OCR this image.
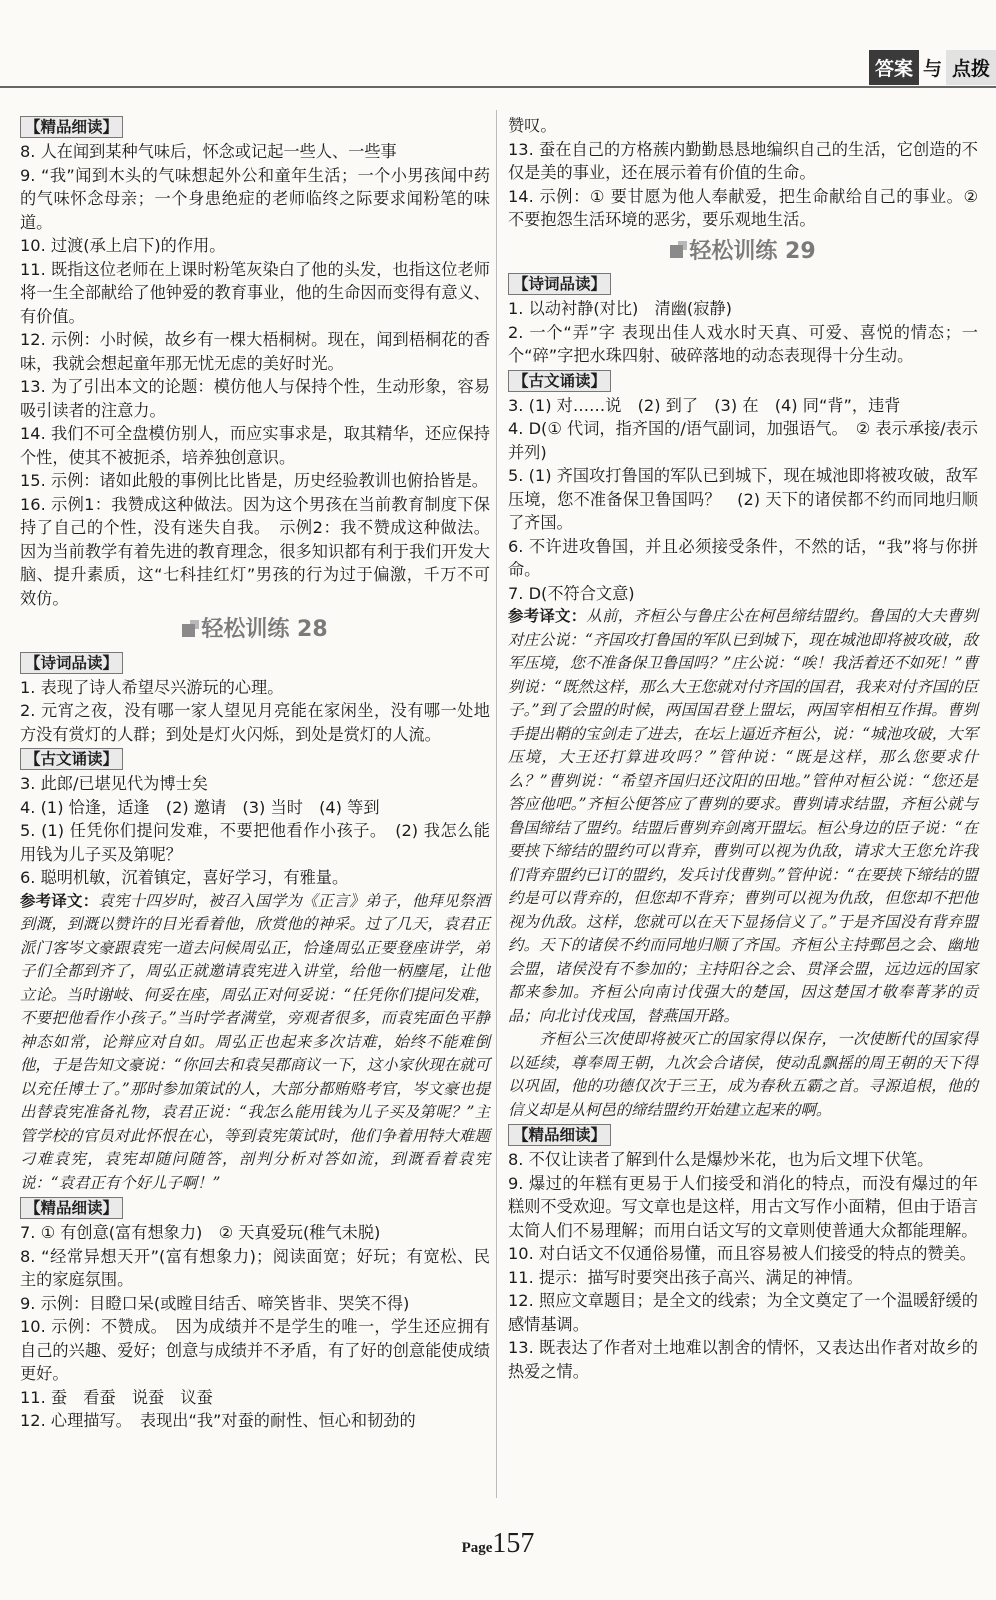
答案 与 点拨

【精品细读】

8. 人在闻到某种气味后，怀念或记起一些人、一些事

9. “我”闻到木头的气味想起外公和童年生活；一个小男孩闻中药的气味怀念母亲；一个身患绝症的老师临终之际要求闻粉笔的味道。

10. 过渡(承上启下)的作用。

11. 既指这位老师在上课时粉笔灰染白了他的头发，也指这位老师将一生全部献给了他钟爱的教育事业，他的生命因而变得有意义、有价值。

12. 示例：小时候，故乡有一棵大梧桐树。现在，闻到梧桐花的香味，我就会想起童年那无忧无虑的美好时光。

13. 为了引出本文的论题：模仿他人与保持个性，生动形象，容易吸引读者的注意力。

14. 我们不可全盘模仿别人，而应实事求是，取其精华，还应保持个性，使其不被扼杀，培养独创意识。

15. 示例：诸如此般的事例比比皆是，历史经验教训也俯拾皆是。

16. 示例1：我赞成这种做法。因为这个男孩在当前教育制度下保持了自己的个性，没有迷失自我。　示例2：我不赞成这种做法。因为当前教学有着先进的教育理念，很多知识都有利于我们开发大脑、提升素质，这“七科挂红灯”男孩的行为过于偏激，千万不可效仿。

轻松训练 28

【诗词品读】

1. 表现了诗人希望尽兴游玩的心理。

2. 元宵之夜，没有哪一家人望见月亮能在家闲坐，没有哪一处地方没有赏灯的人群；到处是灯火闪烁，到处是赏灯的人流。

【古文诵读】

3. 此郎/已堪见代为博士矣

4. (1) 恰逢，适逢　(2) 邀请　(3) 当时　(4) 等到

5. (1) 任凭你们提问发难，不要把他看作小孩子。　(2) 我怎么能用钱为儿子买及第呢？

6. 聪明机敏，沉着镇定，喜好学习，有雅量。

参考译文：袁宪十四岁时，被召入国学为《正言》弟子，他拜见祭酒到溉，到溉以赞许的目光看着他，欣赏他的神采。过了几天，袁君正派门客岑文豪跟袁宪一道去问候周弘正，恰逢周弘正要登座讲学，弟子们全都到齐了，周弘正就邀请袁宪进入讲堂，给他一柄麈尾，让他立论。当时谢岐、何妥在座，周弘正对何妥说：“任凭你们提问发难，不要把他看作小孩子。”当时学者满堂，旁观者很多，而袁宪面色平静神态如常，论辩应对自如。周弘正也起来多次诘难，始终不能难倒他，于是告知文豪说：“你回去和袁吴郡商议一下，这小家伙现在就可以充任博士了。”那时参加策试的人，大部分都贿赂考官，岑文豪也提出替袁宪准备礼物，袁君正说：“我怎么能用钱为儿子买及第呢？”主管学校的官员对此怀恨在心，等到袁宪策试时，他们争着用特大难题刁难袁宪，袁宪却随问随答，剖判分析对答如流，到溉看着袁宪说：“袁君正有个好儿子啊！”

【精品细读】

7. ① 有创意(富有想象力)　② 天真爱玩(稚气未脱)

8. “经常异想天开”(富有想象力)；阅读面宽；好玩；有宽松、民主的家庭氛围。

9. 示例：目瞪口呆(或瞠目结舌、啼笑皆非、哭笑不得)

10. 示例：不赞成。　因为成绩并不是学生的唯一，学生还应拥有自己的兴趣、爱好；创意与成绩并不矛盾，有了好的创意能使成绩更好。

11. 蚕　看蚕　说蚕　议蚕

12. 心理描写。　表现出“我”对蚕的耐性、恒心和韧劲的

赞叹。

13. 蚕在自己的方格蔟内勤勤恳恳地编织自己的生活，它创造的不仅是美的事业，还在展示着有价值的生命。

14. 示例：① 要甘愿为他人奉献爱，把生命献给自己的事业。② 不要抱怨生活环境的恶劣，要乐观地生活。

轻松训练 29

【诗词品读】

1. 以动衬静(对比)　清幽(寂静)

2. 一个“弄”字 表现出佳人戏水时天真、可爱、喜悦的情态；一个“碎”字把水珠四射、破碎落地的动态表现得十分生动。

【古文诵读】

3. (1) 对……说　(2) 到了　(3) 在　(4) 同“背”，违背

4. D(① 代词，指齐国的/语气副词，加强语气。　② 表示承接/表示并列)

5. (1) 齐国攻打鲁国的军队已到城下，现在城池即将被攻破，敌军压境，您不准备保卫鲁国吗？　(2) 天下的诸侯都不约而同地归顺了齐国。

6. 不许进攻鲁国，并且必须接受条件，不然的话，“我”将与你拼命。

7. D(不符合文意)

参考译文：从前，齐桓公与鲁庄公在柯邑缔结盟约。鲁国的大夫曹刿对庄公说：“齐国攻打鲁国的军队已到城下，现在城池即将被攻破，敌军压境，您不准备保卫鲁国吗？”庄公说：“唉！我活着还不如死！”曹刿说：“既然这样，那么大王您就对付齐国的国君，我来对付齐国的臣子。”到了会盟的时候，两国国君登上盟坛，两国宰相相互作揖。曹刿手提出鞘的宝剑走了进去，在坛上逼近齐桓公，说：“城池攻破，大军压境，大王还打算进攻吗？”管仲说：“既是这样，那么您要求什么？”曹刿说：“希望齐国归还汶阳的田地。”管仲对桓公说：“您还是答应他吧。”齐桓公便答应了曹刿的要求。曹刿请求结盟，齐桓公就与鲁国缔结了盟约。结盟后曹刿弃剑离开盟坛。桓公身边的臣子说：“在要挟下缔结的盟约可以背弃，曹刿可以视为仇敌，请求大王您允许我们背弃盟约已订的盟约，发兵讨伐曹刿。”管仲说：“在要挟下缔结的盟约是可以背弃的，但您却不背弃；曹刿可以视为仇敌，但您却不把他视为仇敌。这样，您就可以在天下显扬信义了。”于是齐国没有背弃盟约。天下的诸侯不约而同地归顺了齐国。齐桓公主持鄄邑之会、幽地会盟，诸侯没有不参加的；主持阳谷之会、贯泽会盟，远边远的国家都来参加。齐桓公向南讨伐强大的楚国，因这楚国才敬奉菁茅的贡品；向北讨伐戎国，替燕国开路。

　　齐桓公三次使即将被灭亡的国家得以保存，一次使断代的国家得以延续，尊奉周王朝，九次会合诸侯，使动乱飘摇的周王朝的天下得以巩固，他的功德仅次于三王，成为春秋五霸之首。寻源追根，他的信义却是从柯邑的缔结盟约开始建立起来的啊。

【精品细读】

8. 不仅让读者了解到什么是爆炒米花，也为后文埋下伏笔。

9. 爆过的年糕有更易于人们接受和消化的特点，而没有爆过的年糕则不受欢迎。写文章也是这样，用古文写作小面精，但由于语言太简人们不易理解；而用白话文写的文章则使普通大众都能理解。

10. 对白话文不仅通俗易懂，而且容易被人们接受的特点的赞美。

11. 提示：描写时要突出孩子高兴、满足的神情。

12. 照应文章题目；是全文的线索；为全文奠定了一个温暖舒缓的感情基调。

13. 既表达了作者对土地难以割舍的情怀，又表达出作者对故乡的热爱之情。

Page157
